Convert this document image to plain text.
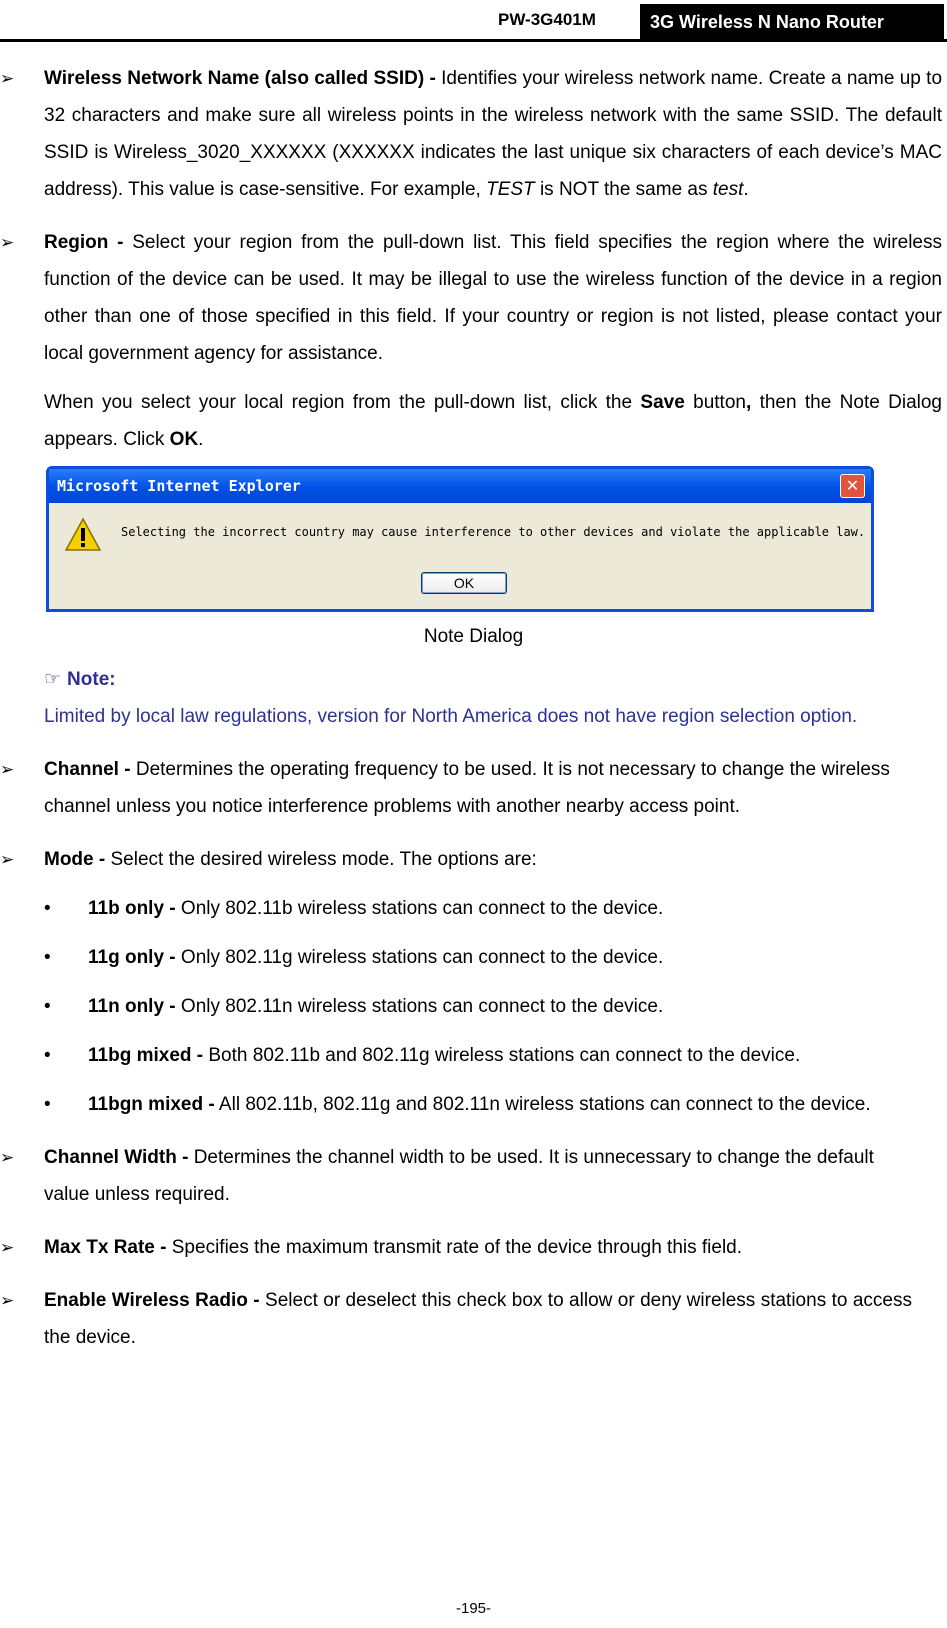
PW-3G401M	3G Wireless N Nano Router
➢	Wireless Network Name (also called SSID) - Identifies your wireless network name. Create a name up to 32 characters and make sure all wireless points in the wireless network with the same SSID. The default SSID is Wireless_3020_XXXXXX (XXXXXX indicates the last unique six characters of each device’s MAC address). This value is case-sensitive. For example, TEST is NOT the same as test.
➢	Region - Select your region from the pull-down list. This field specifies the region where the wireless function of the device can be used. It may be illegal to use the wireless function of the device in a region other than one of those specified in this field. If your country or region is not listed, please contact your local government agency for assistance.
When you select your local region from the pull-down list, click the Save button, then the Note Dialog appears. Click OK.
Microsoft Internet Explorer	✕
Selecting the incorrect country may cause interference to other devices and violate the applicable law.
OK
Note Dialog
☞ Note:
Limited by local law regulations, version for North America does not have region selection option.
➢	Channel - Determines the operating frequency to be used. It is not necessary to change the wireless channel unless you notice interference problems with another nearby access point.
➢	Mode - Select the desired wireless mode. The options are:
• 11b only - Only 802.11b wireless stations can connect to the device.
• 11g only - Only 802.11g wireless stations can connect to the device.
• 11n only - Only 802.11n wireless stations can connect to the device.
• 11bg mixed - Both 802.11b and 802.11g wireless stations can connect to the device.
• 11bgn mixed - All 802.11b, 802.11g and 802.11n wireless stations can connect to the device.
➢	Channel Width - Determines the channel width to be used. It is unnecessary to change the default value unless required.
➢	Max Tx Rate - Specifies the maximum transmit rate of the device through this field.
➢	Enable Wireless Radio - Select or deselect this check box to allow or deny wireless stations to access the device.
-195-
